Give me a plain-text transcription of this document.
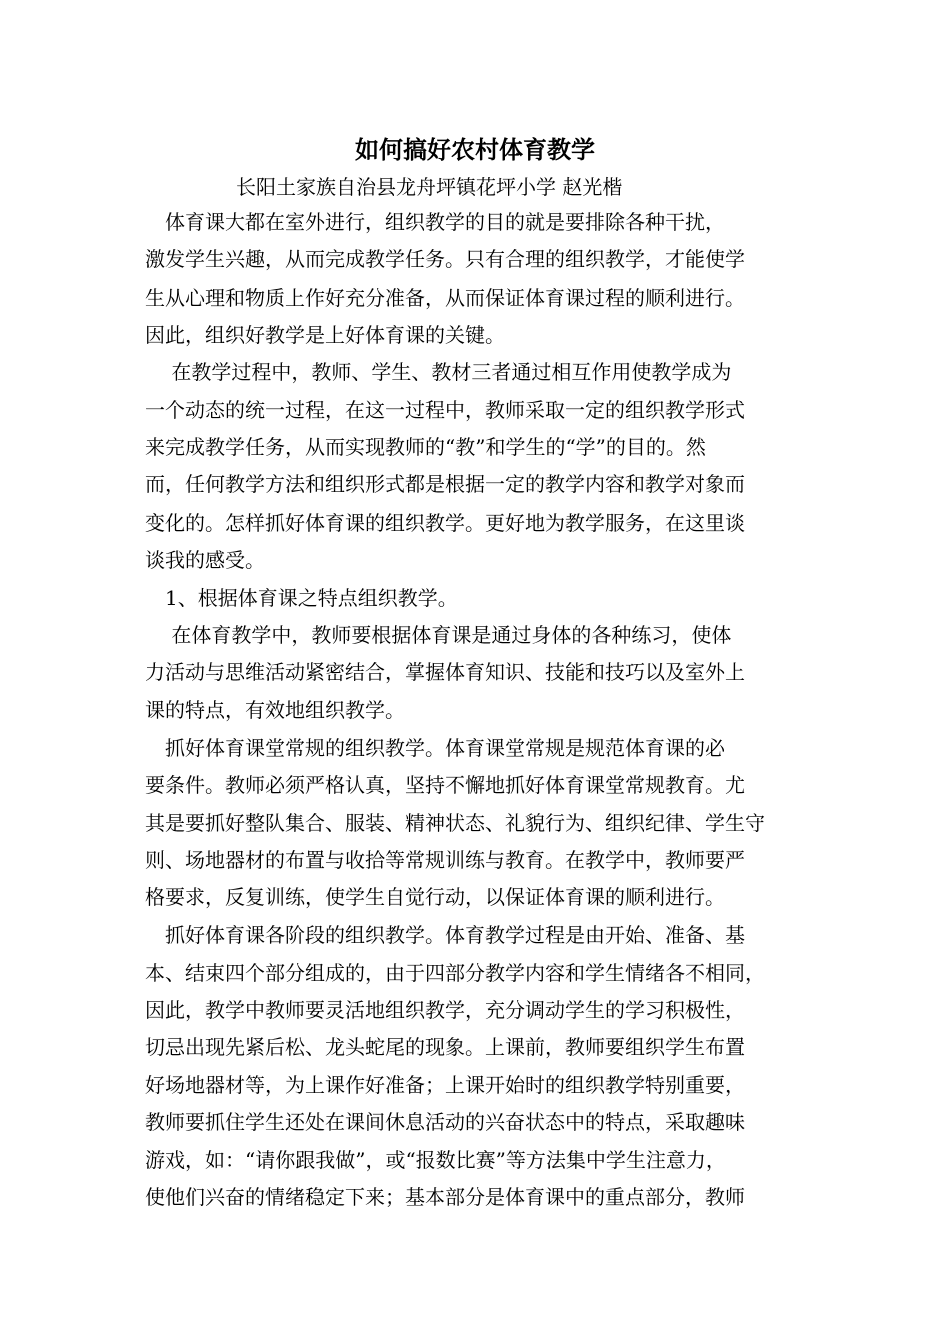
如何搞好农村体育教学
长阳土家族自治县龙舟坪镇花坪小学 赵光楷
　体育课大都在室外进行，组织教学的目的就是要排除各种干扰，
激发学生兴趣，从而完成教学任务。只有合理的组织教学，才能使学
生从心理和物质上作好充分准备，从而保证体育课过程的顺利进行。
因此，组织好教学是上好体育课的关键。
　 在教学过程中，教师、学生、教材三者通过相互作用使教学成为
一个动态的统一过程，在这一过程中，教师采取一定的组织教学形式
来完成教学任务，从而实现教师的“教”和学生的“学”的目的。然
而，任何教学方法和组织形式都是根据一定的教学内容和教学对象而
变化的。怎样抓好体育课的组织教学。更好地为教学服务，在这里谈
谈我的感受。
　1、根据体育课之特点组织教学。
　 在体育教学中，教师要根据体育课是通过身体的各种练习，使体
力活动与思维活动紧密结合，掌握体育知识、技能和技巧以及室外上
课的特点，有效地组织教学。
　抓好体育课堂常规的组织教学。体育课堂常规是规范体育课的必
要条件。教师必须严格认真，坚持不懈地抓好体育课堂常规教育。尤
其是要抓好整队集合、服装、精神状态、礼貌行为、组织纪律、学生守
则、场地器材的布置与收拾等常规训练与教育。在教学中，教师要严
格要求，反复训练，使学生自觉行动，以保证体育课的顺利进行。
　抓好体育课各阶段的组织教学。体育教学过程是由开始、准备、基
本、结束四个部分组成的，由于四部分教学内容和学生情绪各不相同，
因此，教学中教师要灵活地组织教学，充分调动学生的学习积极性，
切忌出现先紧后松、龙头蛇尾的现象。上课前，教师要组织学生布置
好场地器材等，为上课作好准备；上课开始时的组织教学特别重要，
教师要抓住学生还处在课间休息活动的兴奋状态中的特点，采取趣味
游戏，如：“请你跟我做”，或“报数比赛”等方法集中学生注意力，
使他们兴奋的情绪稳定下来；基本部分是体育课中的重点部分，教师
